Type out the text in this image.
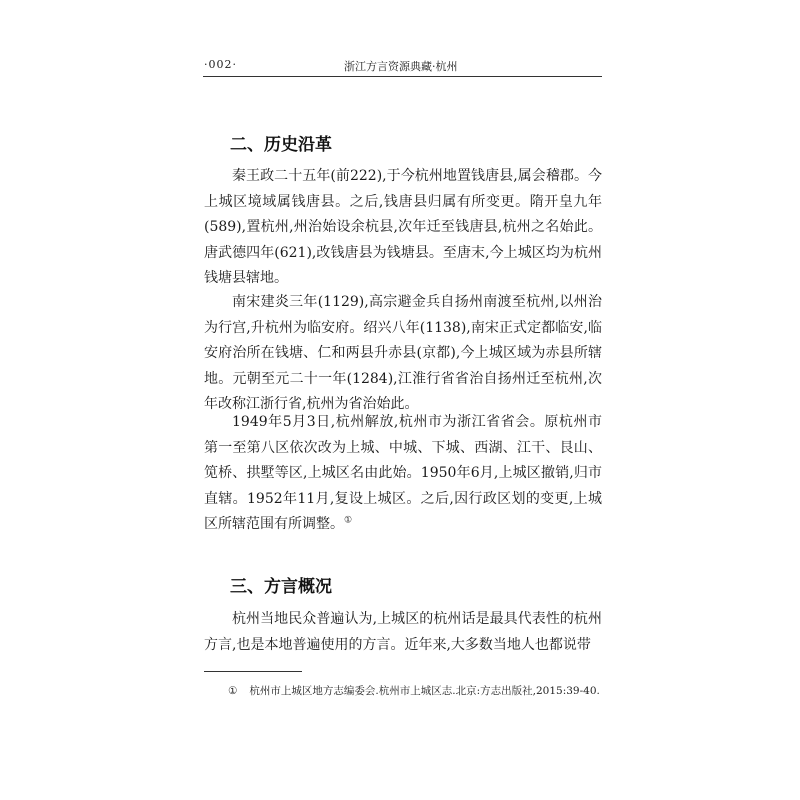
·002·	浙江方言资源典藏·杭州
二、历史沿革

秦王政二十五年(前222),于今杭州地置钱唐县,属会稽郡。今上城区境域属钱唐县。之后,钱唐县归属有所变更。隋开皇九年(589),置杭州,州治始设余杭县,次年迁至钱唐县,杭州之名始此。唐武德四年(621),改钱唐县为钱塘县。至唐末,今上城区均为杭州钱塘县辖地。

南宋建炎三年(1129),高宗避金兵自扬州南渡至杭州,以州治为行宫,升杭州为临安府。绍兴八年(1138),南宋正式定都临安,临安府治所在钱塘、仁和两县升赤县(京都),今上城区域为赤县所辖地。元朝至元二十一年(1284),江淮行省省治自扬州迁至杭州,次年改称江浙行省,杭州为省治始此。

1949年5月3日,杭州解放,杭州市为浙江省省会。原杭州市第一至第八区依次改为上城、中城、下城、西湖、江干、艮山、笕桥、拱墅等区,上城区名由此始。1950年6月,上城区撤销,归市直辖。1952年11月,复设上城区。之后,因行政区划的变更,上城区所辖范围有所调整。①

三、方言概况

杭州当地民众普遍认为,上城区的杭州话是最具代表性的杭州方言,也是本地普遍使用的方言。近年来,大多数当地人也都说带

① 杭州市上城区地方志编委会.杭州市上城区志.北京:方志出版社,2015:39-40.
